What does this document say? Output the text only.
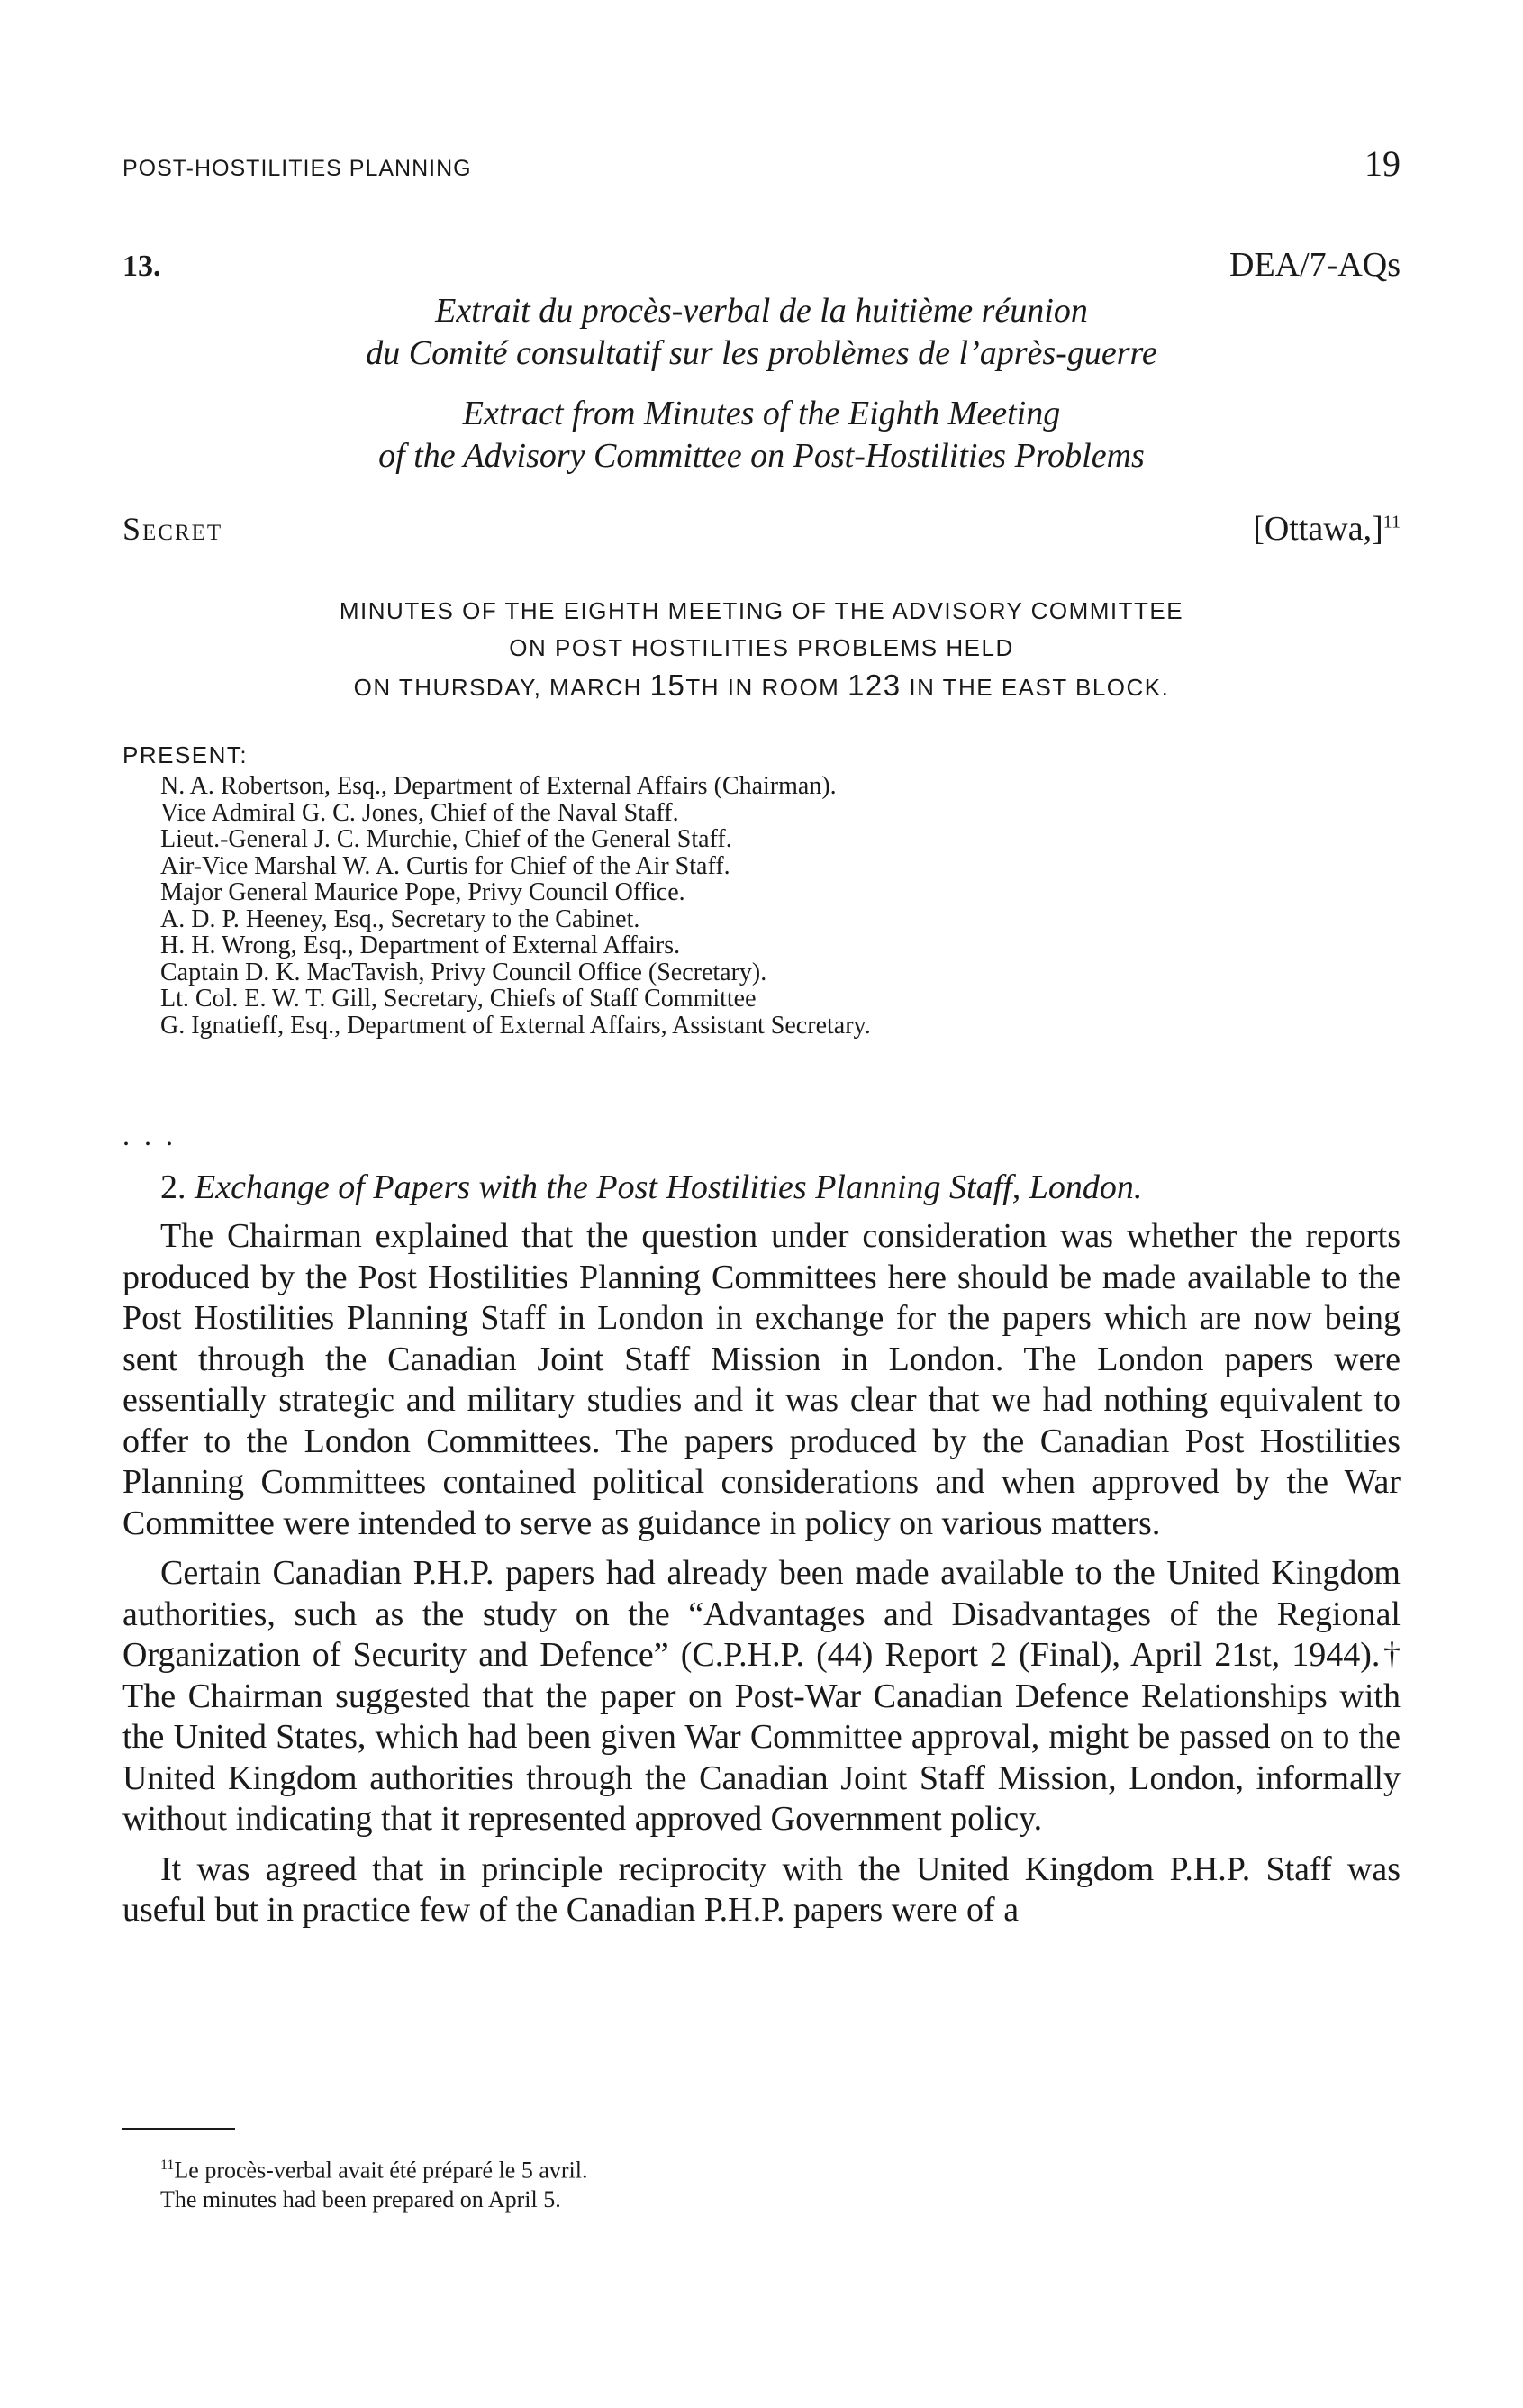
POST-HOSTILITIES PLANNING	19
13.	DEA/7-AQs
Extrait du procès-verbal de la huitième réunion
du Comité consultatif sur les problèmes de l’après-guerre
Extract from Minutes of the Eighth Meeting
of the Advisory Committee on Post-Hostilities Problems
Secret	[Ottawa,]$^{11}$
MINUTES OF THE EIGHTH MEETING OF THE ADVISORY COMMITTEE
ON POST HOSTILITIES PROBLEMS HELD
ON THURSDAY, MARCH 15TH IN ROOM 123 IN THE EAST BLOCK.
PRESENT:
N. A. Robertson, Esq., Department of External Affairs (Chairman).
Vice Admiral G. C. Jones, Chief of the Naval Staff.
Lieut.-General J. C. Murchie, Chief of the General Staff.
Air-Vice Marshal W. A. Curtis for Chief of the Air Staff.
Major General Maurice Pope, Privy Council Office.
A. D. P. Heeney, Esq., Secretary to the Cabinet.
H. H. Wrong, Esq., Department of External Affairs.
Captain D. K. MacTavish, Privy Council Office (Secretary).
Lt. Col. E. W. T. Gill, Secretary, Chiefs of Staff Committee
G. Ignatieff, Esq., Department of External Affairs, Assistant Secretary.
. . .
2. Exchange of Papers with the Post Hostilities Planning Staff, London.

The Chairman explained that the question under consideration was whether the reports produced by the Post Hostilities Planning Committees here should be made available to the Post Hostilities Planning Staff in London in exchange for the papers which are now being sent through the Canadian Joint Staff Mission in London. The London papers were essentially strategic and military studies and it was clear that we had nothing equivalent to offer to the London Committees. The papers produced by the Canadian Post Hostilities Planning Committees contained political considerations and when approved by the War Committee were intended to serve as guidance in policy on various matters.

Certain Canadian P.H.P. papers had already been made available to the United Kingdom authorities, such as the study on the “Advantages and Disadvantages of the Regional Organization of Security and Defence” (C.P.H.P. (44) Report 2 (Final), April 21st, 1944).† The Chairman suggested that the paper on Post-War Canadian Defence Relationships with the United States, which had been given War Committee approval, might be passed on to the United Kingdom authorities through the Canadian Joint Staff Mission, London, informally without indicating that it represented approved Government policy.

It was agreed that in principle reciprocity with the United Kingdom P.H.P. Staff was useful but in practice few of the Canadian P.H.P. papers were of a

$^{11}$Le procès-verbal avait été préparé le 5 avril.
The minutes had been prepared on April 5.
